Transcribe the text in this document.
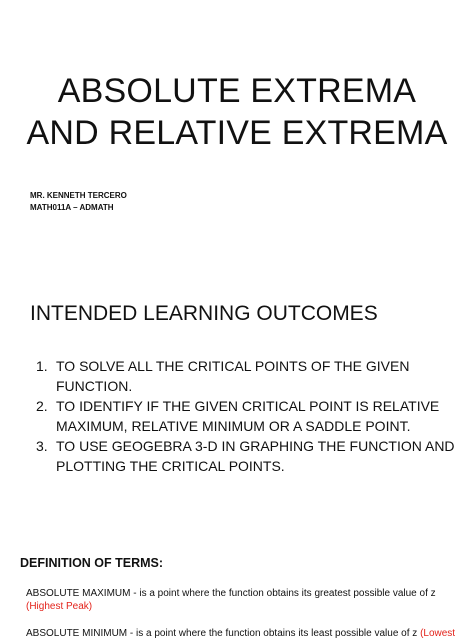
ABSOLUTE EXTREMA
AND RELATIVE EXTREMA
MR. KENNETH TERCERO
MATH011A – ADMATH
INTENDED LEARNING OUTCOMES
1. TO SOLVE ALL THE CRITICAL POINTS OF THE GIVEN
FUNCTION.
2. TO IDENTIFY IF THE GIVEN CRITICAL POINT IS RELATIVE
MAXIMUM, RELATIVE MINIMUM OR A SADDLE POINT.
3. TO USE GEOGEBRA 3-D IN GRAPHING THE FUNCTION AND
PLOTTING THE CRITICAL POINTS.
DEFINITION OF TERMS:
ABSOLUTE MAXIMUM - is a point where the function obtains its greatest possible value of z
(Highest Peak)
ABSOLUTE MINIMUM - is a point where the function obtains its least possible value of z (Lowest
